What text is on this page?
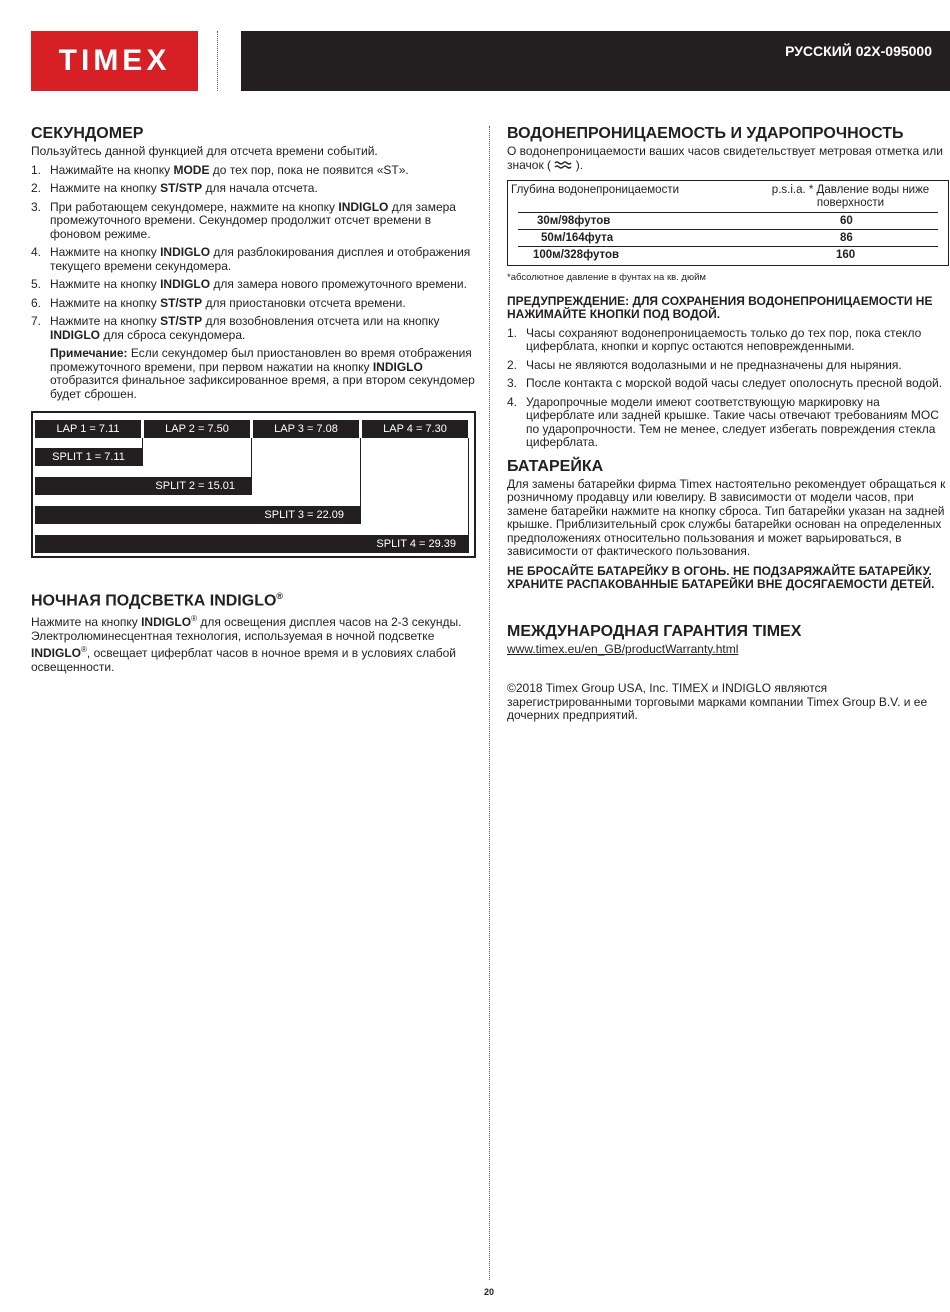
TIMEX	РУССКИЙ 02X-095000
СЕКУНДОМЕР

Пользуйтесь данной функцией для отсчета времени событий.

1. Нажимайте на кнопку MODE до тех пор, пока не появится «ST».
2. Нажмите на кнопку ST/STP для начала отсчета.
3. При работающем секундомере, нажмите на кнопку INDIGLO для замера промежуточного времени. Секундомер продолжит отсчет времени в фоновом режиме.
4. Нажмите на кнопку INDIGLO для разблокирования дисплея и отображения текущего времени секундомера.
5. Нажмите на кнопку INDIGLO для замера нового промежуточного времени.
6. Нажмите на кнопку ST/STP для приостановки отсчета времени.
7. Нажмите на кнопку ST/STP для возобновления отсчета или на кнопку INDIGLO для сброса секундомера.

Примечание: Если секундомер был приостановлен во время отображения промежуточного времени, при первом нажатии на кнопку INDIGLO отобразится финальное зафиксированное время, а при втором секундомер будет сброшен.

LAP 1 = 7.11	LAP 2 = 7.50	LAP 3 = 7.08	LAP 4 = 7.30
SPLIT 1 = 7.11
SPLIT 2 = 15.01
SPLIT 3 = 22.09
SPLIT 4 = 29.39
НОЧНАЯ ПОДСВЕТКА INDIGLO®

Нажмите на кнопку INDIGLO® для освещения дисплея часов на 2-3 секунды. Электролюминесцентная технология, используемая в ночной подсветке INDIGLO®, освещает циферблат часов в ночное время и в условиях слабой освещенности.

ВОДОНЕПРОНИЦАЕМОСТЬ И УДАРОПРОЧНОСТЬ

О водонепроницаемости ваших часов свидетельствует метровая отметка или значок ( ).

Глубина водонепроницаемости	p.s.i.a. * Давление воды ниже поверхности
30м/98футов	60
50м/164фута	86
100м/328футов	160

*абсолютное давление в фунтах на кв. дюйм

ПРЕДУПРЕЖДЕНИЕ: ДЛЯ СОХРАНЕНИЯ ВОДОНЕПРОНИЦАЕМОСТИ НЕ НАЖИМАЙТЕ КНОПКИ ПОД ВОДОЙ.

1. Часы сохраняют водонепроницаемость только до тех пор, пока стекло циферблата, кнопки и корпус остаются неповрежденными.
2. Часы не являются водолазными и не предназначены для ныряния.
3. После контакта с морской водой часы следует ополоснуть пресной водой.
4. Ударопрочные модели имеют соответствующую маркировку на циферблате или задней крышке. Такие часы отвечают требованиям MOC по ударопрочности. Тем не менее, следует избегать повреждения стекла циферблата.
БАТАРЕЙКА

Для замены батарейки фирма Timex настоятельно рекомендует обращаться к розничному продавцу или ювелиру. В зависимости от модели часов, при замене батарейки нажмите на кнопку сброса. Тип батарейки указан на задней крышке. Приблизительный срок службы батарейки оснoван на определенных предположениях относительно пользования и может варьироваться, в зависимости от фактического пользования.

НЕ БРОСАЙТЕ БАТАРЕЙКУ В ОГОНЬ. НЕ ПОДЗАРЯЖАЙТЕ БАТАРЕЙКУ. ХРАНИТЕ РАСПАКОВАННЫЕ БАТАРЕЙКИ ВНЕ ДОСЯГАЕМОСТИ ДЕТЕЙ.

МЕЖДУНАРОДНАЯ ГАРАНТИЯ TIMEX

www.timex.eu/en_GB/productWarranty.html

©2018 Timex Group USA, Inc. TIMEX и INDIGLO являются зарегистрированными торговыми марками компании Timex Group B.V. и ее дочерних предприятий.

20
